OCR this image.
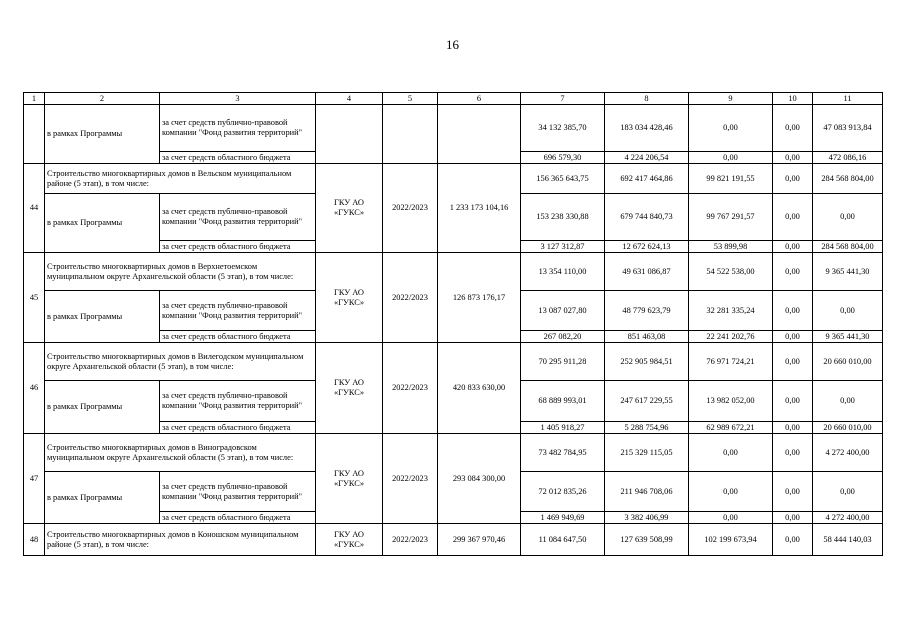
16
1	2	3	4	5	6	7	8	9	10	11
	в рамках Программы	за счет средств публично-правовой компании "Фонд развития территорий"				34 132 385,70	183 034 428,46	0,00	0,00	47 083 913,84
		за счет средств областного бюджета				696 579,30	4 224 206,54	0,00	0,00	472 086,16
44	Строительство многоквартирных домов в Вельском муниципальном районе (5 этап), в том числе:		ГКУ АО «ГУКС»	2022/2023	1 233 173 104,16	156 365 643,75	692 417 464,86	99 821 191,55	0,00	284 568 804,00
	в рамках Программы	за счет средств публично-правовой компании "Фонд развития территорий"				153 238 330,88	679 744 840,73	99 767 291,57	0,00	0,00
		за счет средств областного бюджета				3 127 312,87	12 672 624,13	53 899,98	0,00	284 568 804,00
45	Строительство многоквартирных домов в Верхнетоемском муниципальном округе Архангельской области (5 этап), в том числе:		ГКУ АО «ГУКС»	2022/2023	126 873 176,17	13 354 110,00	49 631 086,87	54 522 538,00	0,00	9 365 441,30
	в рамках Программы	за счет средств публично-правовой компании "Фонд развития территорий"				13 087 027,80	48 779 623,79	32 281 335,24	0,00	0,00
		за счет средств областного бюджета				267 082,20	851 463,08	22 241 202,76	0,00	9 365 441,30
46	Строительство многоквартирных домов в Вилегодском муниципальном округе Архангельской области (5 этап), в том числе:		ГКУ АО «ГУКС»	2022/2023	420 833 630,00	70 295 911,28	252 905 984,51	76 971 724,21	0,00	20 660 010,00
	в рамках Программы	за счет средств публично-правовой компании "Фонд развития территорий"				68 889 993,01	247 617 229,55	13 982 052,00	0,00	0,00
		за счет средств областного бюджета				1 405 918,27	5 288 754,96	62 989 672,21	0,00	20 660 010,00
47	Строительство многоквартирных домов в Виноградовском муниципальном округе Архангельской области (5 этап), в том числе:		ГКУ АО «ГУКС»	2022/2023	293 084 300,00	73 482 784,95	215 329 115,05	0,00	0,00	4 272 400,00
	в рамках Программы	за счет средств публично-правовой компании "Фонд развития территорий"				72 012 835,26	211 946 708,06	0,00	0,00	0,00
		за счет средств областного бюджета				1 469 949,69	3 382 406,99	0,00	0,00	4 272 400,00
48	Строительство многоквартирных домов в Коношском муниципальном районе (5 этап), в том числе:		ГКУ АО «ГУКС»	2022/2023	299 367 970,46	11 084 647,50	127 639 508,99	102 199 673,94	0,00	58 444 140,03
